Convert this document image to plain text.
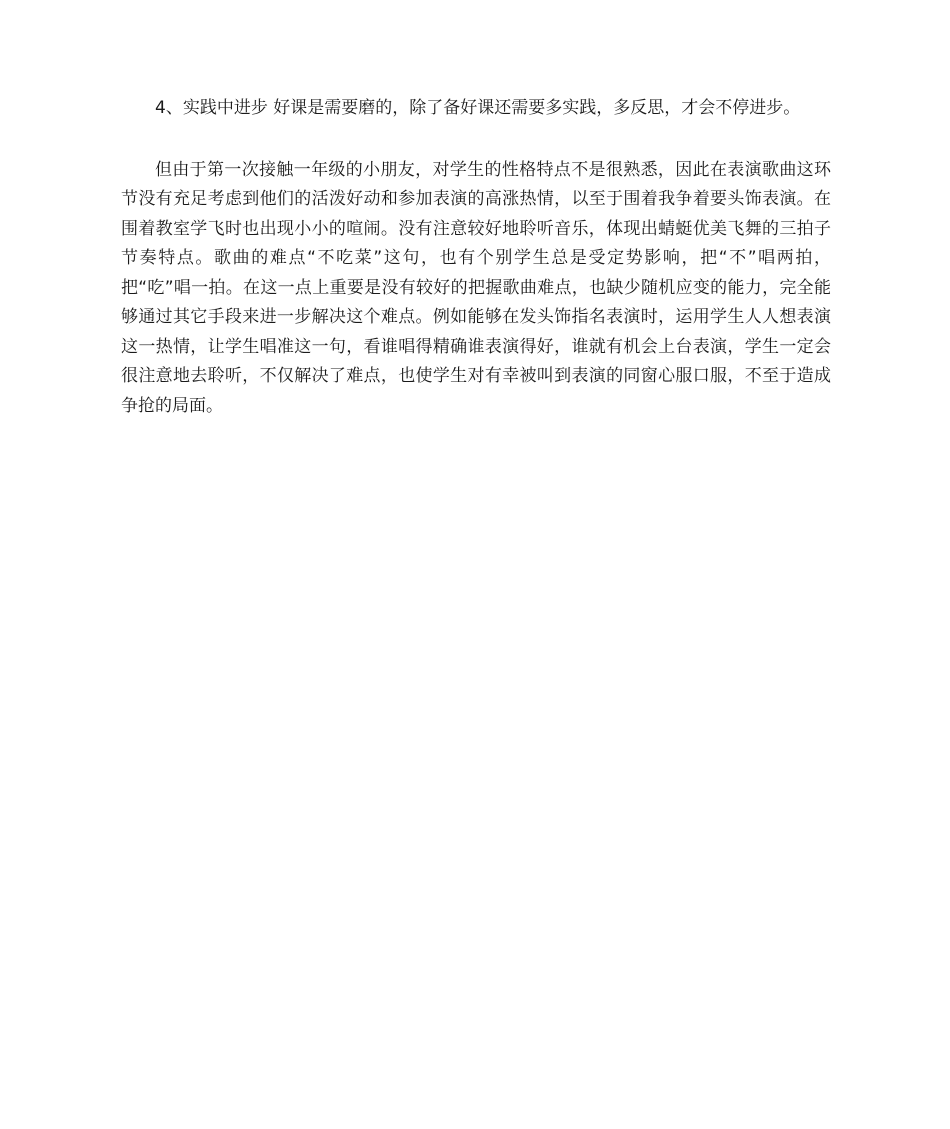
4、实践中进步 好课是需要磨的，除了备好课还需要多实践，多反思，才会不停进步。

但由于第一次接触一年级的小朋友，对学生的性格特点不是很熟悉，因此在表演歌曲这环节没有充足考虑到他们的活泼好动和参加表演的高涨热情，以至于围着我争着要头饰表演。在围着教室学飞时也出现小小的喧闹。没有注意较好地聆听音乐，体现出蜻蜓优美飞舞的三拍子节奏特点。歌曲的难点“不吃菜”这句，也有个别学生总是受定势影响，把“不”唱两拍，把“吃”唱一拍。在这一点上重要是没有较好的把握歌曲难点，也缺少随机应变的能力，完全能够通过其它手段来进一步解决这个难点。例如能够在发头饰指名表演时，运用学生人人想表演这一热情，让学生唱准这一句，看谁唱得精确谁表演得好，谁就有机会上台表演，学生一定会很注意地去聆听，不仅解决了难点，也使学生对有幸被叫到表演的同窗心服口服，不至于造成争抢的局面。
